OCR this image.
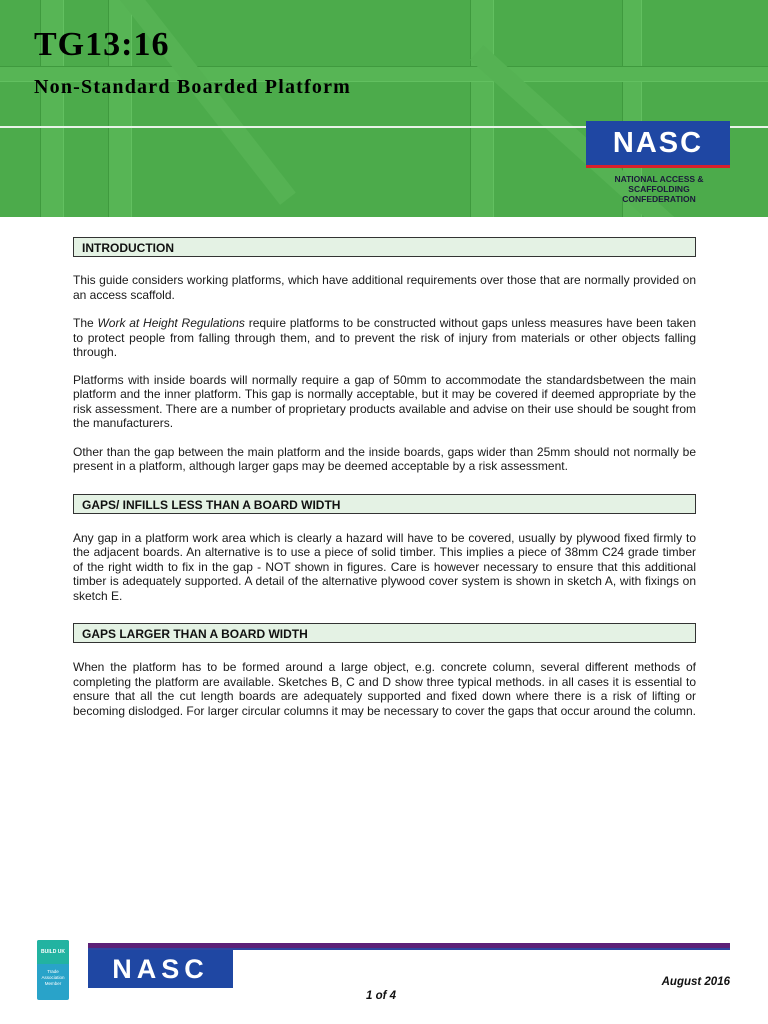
TG13:16
Non-Standard Boarded Platform
NASC
NATIONAL ACCESS & SCAFFOLDING
CONFEDERATION
INTRODUCTION

This guide considers working platforms, which have additional requirements over those that are normally provided on an access scaffold.

The Work at Height Regulations require platforms to be constructed without gaps unless measures have been taken to protect people from falling through them, and to prevent the risk of injury from materials or other objects falling through.

Platforms with inside boards will normally require a gap of 50mm to accommodate the standardsbetween the main platform and the inner platform. This gap is normally acceptable, but it may be covered if deemed appropriate by the risk assessment. There are a number of proprietary products available and advise on their use should be sought from the manufacturers.

Other than the gap between the main platform and the inside boards, gaps wider than 25mm should not normally be present in a platform, although larger gaps may be deemed acceptable by a risk assessment.

GAPS/ INFILLS LESS THAN A BOARD WIDTH

Any gap in a platform work area which is clearly a hazard will have to be covered, usually by plywood fixed firmly to the adjacent boards. An alternative is to use a piece of solid timber. This implies a piece of 38mm C24 grade timber of the right width to fix in the gap - NOT shown in figures. Care is however necessary to ensure that this additional timber is adequately supported. A detail of the alternative plywood cover system is shown in sketch A, with fixings on sketch E.

GAPS LARGER THAN A BOARD WIDTH

When the platform has to be formed around a large object, e.g. concrete column, several different methods of completing the platform are available. Sketches B, C and D show three typical methods. in all cases it is essential to ensure that all the cut length boards are adequately supported and fixed down where there is a risk of lifting or becoming dislodged. For larger circular columns it may be necessary to cover the gaps that occur around the column.

BUILD UK
Trade Association Member	NASC	August 2016
1 of 4
